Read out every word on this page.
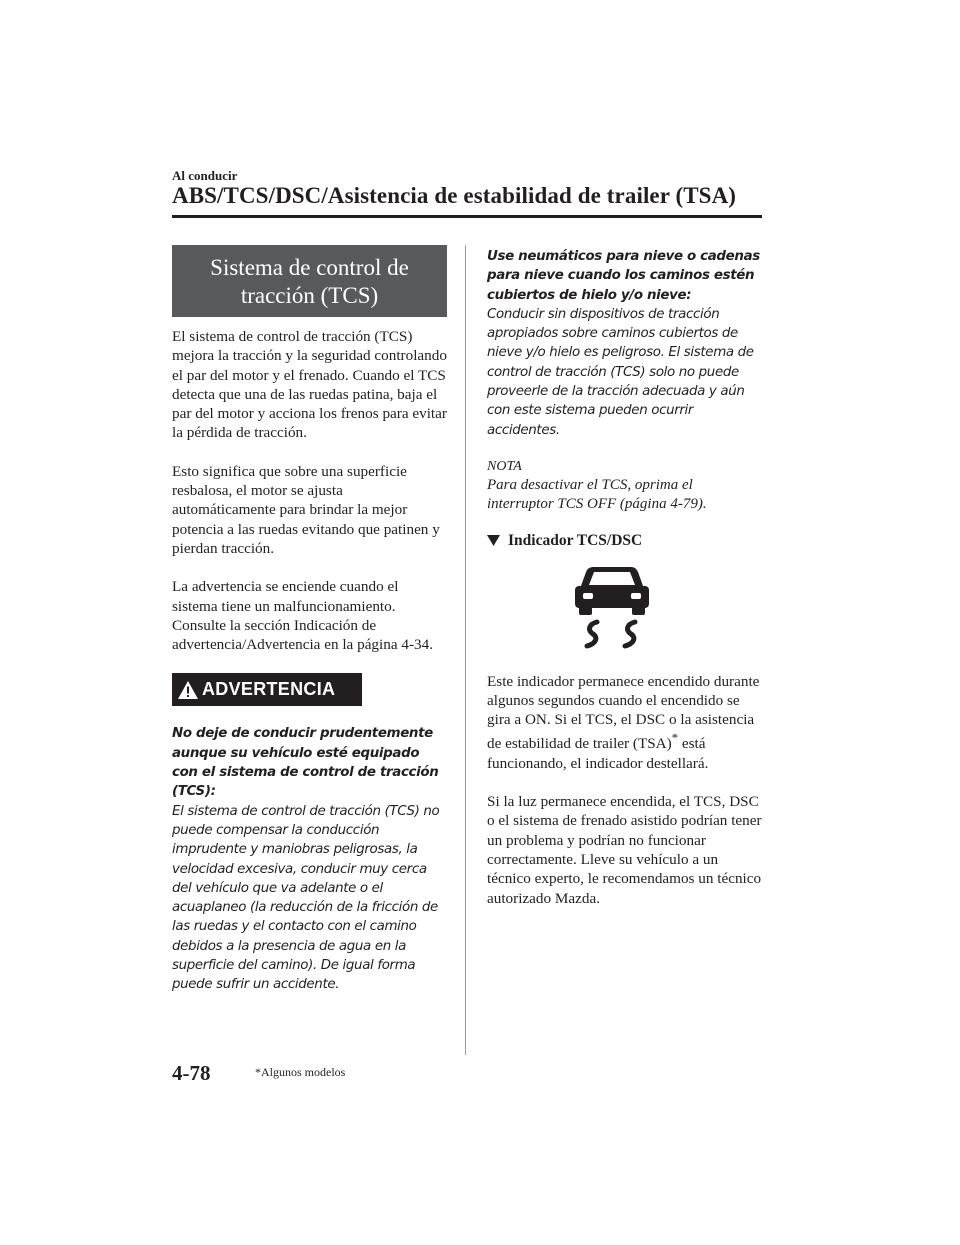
Al conducir
ABS/TCS/DSC/Asistencia de estabilidad de trailer (TSA)
Sistema de control de tracción (TCS)

El sistema de control de tracción (TCS) mejora la tracción y la seguridad controlando el par del motor y el frenado. Cuando el TCS detecta que una de las ruedas patina, baja el par del motor y acciona los frenos para evitar la pérdida de tracción.

Esto significa que sobre una superficie resbalosa, el motor se ajusta automáticamente para brindar la mejor potencia a las ruedas evitando que patinen y pierdan tracción.

La advertencia se enciende cuando el sistema tiene un malfuncionamiento. Consulte la sección Indicación de advertencia/Advertencia en la página 4-34.

ADVERTENCIA

No deje de conducir prudentemente aunque su vehículo esté equipado con el sistema de control de tracción (TCS):

El sistema de control de tracción (TCS) no puede compensar la conducción imprudente y maniobras peligrosas, la velocidad excesiva, conducir muy cerca del vehículo que va adelante o el acuaplaneo (la reducción de la fricción de las ruedas y el contacto con el camino debidos a la presencia de agua en la superficie del camino). De igual forma puede sufrir un accidente.

Use neumáticos para nieve o cadenas para nieve cuando los caminos estén cubiertos de hielo y/o nieve:

Conducir sin dispositivos de tracción apropiados sobre caminos cubiertos de nieve y/o hielo es peligroso. El sistema de control de tracción (TCS) solo no puede proveerle de la tracción adecuada y aún con este sistema pueden ocurrir accidentes.

NOTA

Para desactivar el TCS, oprima el interruptor TCS OFF (página 4-79).

Indicador TCS/DSC

Este indicador permanece encendido durante algunos segundos cuando el encendido se gira a ON. Si el TCS, el DSC o la asistencia de estabilidad de trailer (TSA)* está funcionando, el indicador destellará.

Si la luz permanece encendida, el TCS, DSC o el sistema de frenado asistido podrían tener un problema y podrían no funcionar correctamente. Lleve su vehículo a un técnico experto, le recomendamos un técnico autorizado Mazda.

4-78	*Algunos modelos
